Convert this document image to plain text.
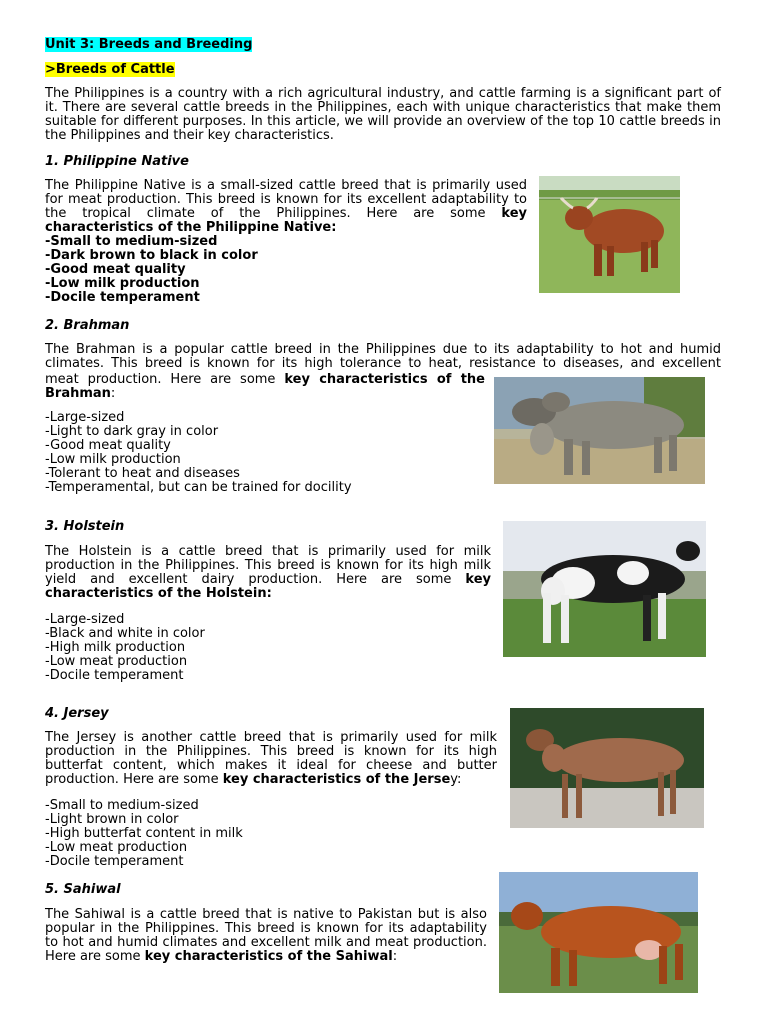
Unit 3: Breeds and Breeding
>Breeds of Cattle
The Philippines is a country with a rich agricultural industry, and cattle farming is a significant part of it. There are several cattle breeds in the Philippines, each with unique characteristics that make them suitable for different purposes. In this article, we will provide an overview of the top 10 cattle breeds in the Philippines and their key characteristics.
1. Philippine Native
The Philippine Native is a small-sized cattle breed that is primarily used for meat production. This breed is known for its excellent adaptability to the tropical climate of the Philippines. Here are some key characteristics of the Philippine Native:
-Small to medium-sized
-Dark brown to black in color
-Good meat quality
-Low milk production
-Docile temperament
2. Brahman
The Brahman is a popular cattle breed in the Philippines due to its adaptability to hot and humid
climates. This breed is known for its high tolerance to heat, resistance to diseases, and excellent
meat production. Here are some key characteristics of the
Brahman:
-Large-sized
-Light to dark gray in color
-Good meat quality
-Low milk production
-Tolerant to heat and diseases
-Temperamental, but can be trained for docility
3. Holstein
The Holstein is a cattle breed that is primarily used for milk production in the Philippines. This breed is known for its high milk yield and excellent dairy production. Here are some key characteristics of the Holstein:
-Large-sized
-Black and white in color
-High milk production
-Low meat production
-Docile temperament
4. Jersey
The Jersey is another cattle breed that is primarily used for milk production in the Philippines. This breed is known for its high butterfat content, which makes it ideal for cheese and butter production. Here are some key characteristics of the Jersey:
-Small to medium-sized
-Light brown in color
-High butterfat content in milk
-Low meat production
-Docile temperament
5. Sahiwal
The Sahiwal is a cattle breed that is native to Pakistan but is also popular in the Philippines. This breed is known for its adaptability to hot and humid climates and excellent milk and meat production. Here are some key characteristics of the Sahiwal:
